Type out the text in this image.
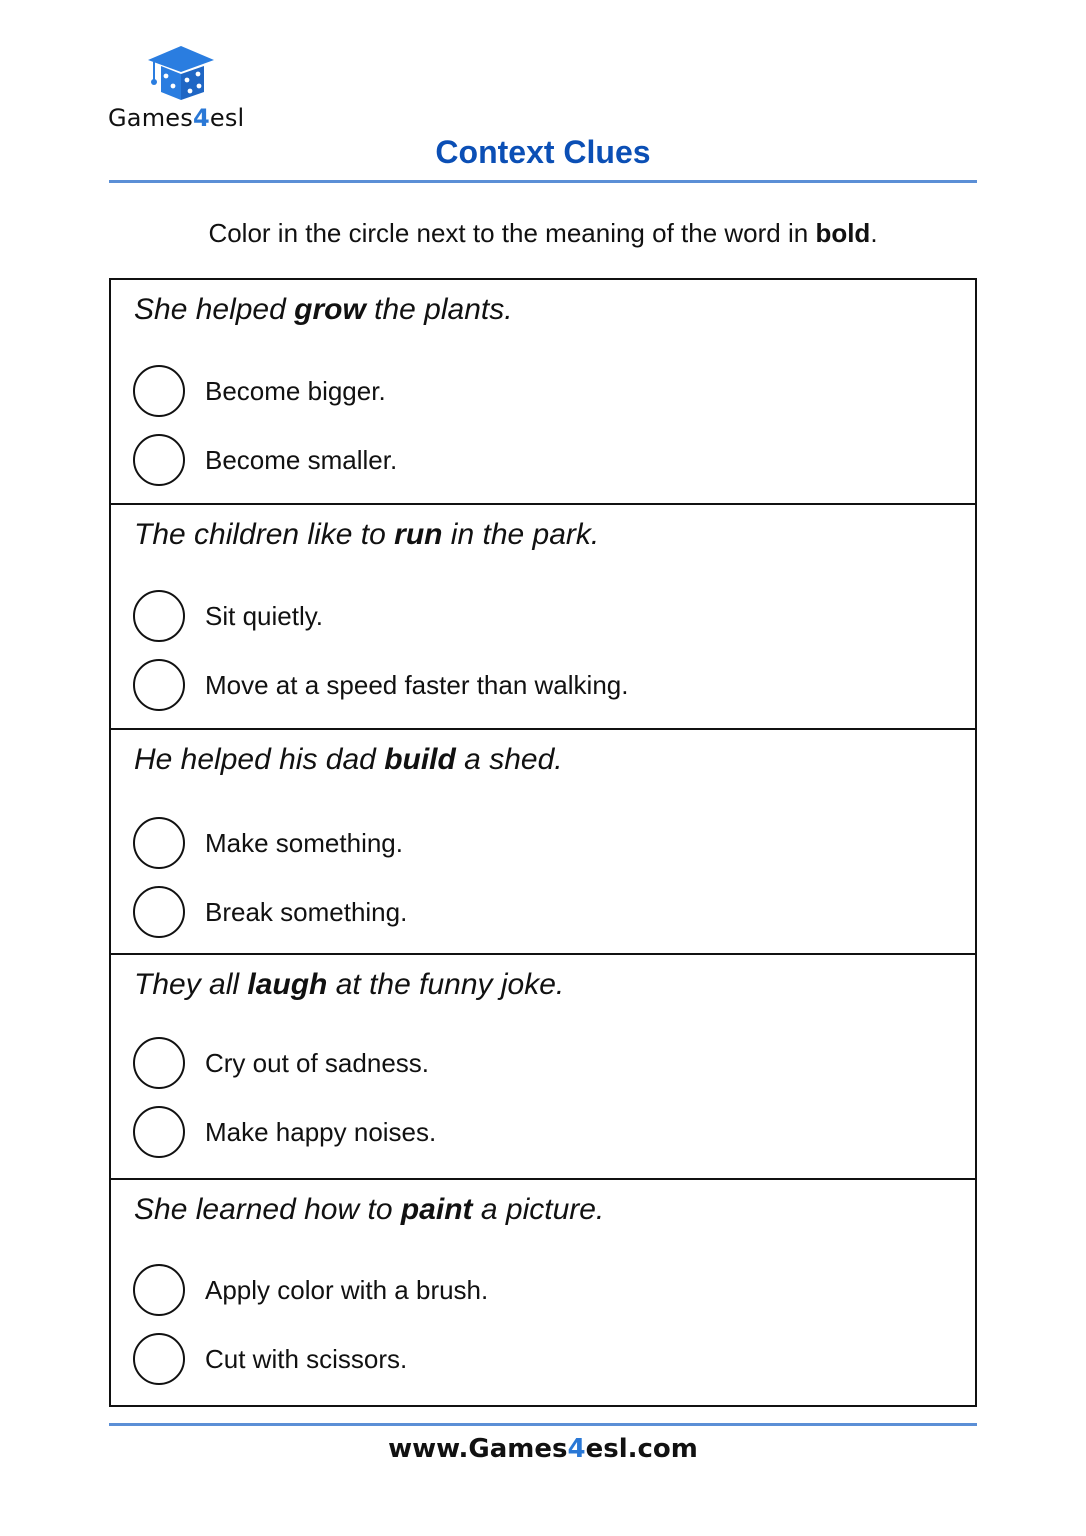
Games4esl
Context Clues
Color in the circle next to the meaning of the word in bold.
She helped grow the plants.
Become bigger.
Become smaller.
The children like to run in the park.
Sit quietly.
Move at a speed faster than walking.
He helped his dad build a shed.
Make something.
Break something.
They all laugh at the funny joke.
Cry out of sadness.
Make happy noises.
She learned how to paint a picture.
Apply color with a brush.
Cut with scissors.
www.Games4esl.com
